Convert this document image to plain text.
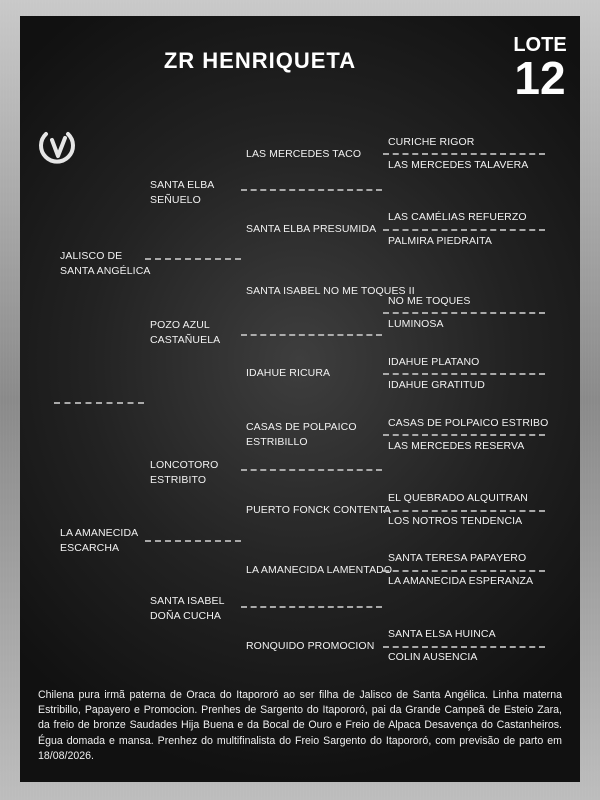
ZR HENRIQUETA
LOTE
12
JALISCO DE
SANTA ANGÉLICA
LA AMANECIDA
ESCARCHA
SANTA ELBA
SEÑUELO
POZO AZUL
CASTAÑUELA
LONCOTORO
ESTRIBITO
SANTA ISABEL
DOÑA CUCHA
LAS MERCEDES TACO
SANTA ELBA PRESUMIDA
SANTA ISABEL NO ME TOQUES II
IDAHUE RICURA
CASAS DE POLPAICO
ESTRIBILLO
PUERTO FONCK CONTENTA
LA AMANECIDA LAMENTADO
RONQUIDO PROMOCION
CURICHE RIGOR
LAS MERCEDES TALAVERA
LAS CAMÉLIAS REFUERZO
PALMIRA PIEDRAITA
NO ME TOQUES
LUMINOSA
IDAHUE PLATANO
IDAHUE GRATITUD
CASAS DE POLPAICO ESTRIBO
LAS MERCEDES RESERVA
EL QUEBRADO ALQUITRAN
LOS NOTROS TENDENCIA
SANTA TERESA PAPAYERO
LA AMANECIDA ESPERANZA
SANTA ELSA HUINCA
COLIN AUSENCIA
Chilena pura irmã paterna de Oraca do Itapororó ao ser filha de Jalisco de Santa Angélica. Linha materna Estribillo, Papayero e Promocion. Prenhes de Sargento do Itapororó, pai da Grande Campeã de Esteio Zara, da freio de bronze Saudades Hija Buena e da Bocal de Ouro e Freio de Alpaca Desavença do Castanheiros. Égua domada e mansa. Prenhez do multifinalista do Freio Sargento do Itapororó, com previsão de parto em 18/08/2026.
